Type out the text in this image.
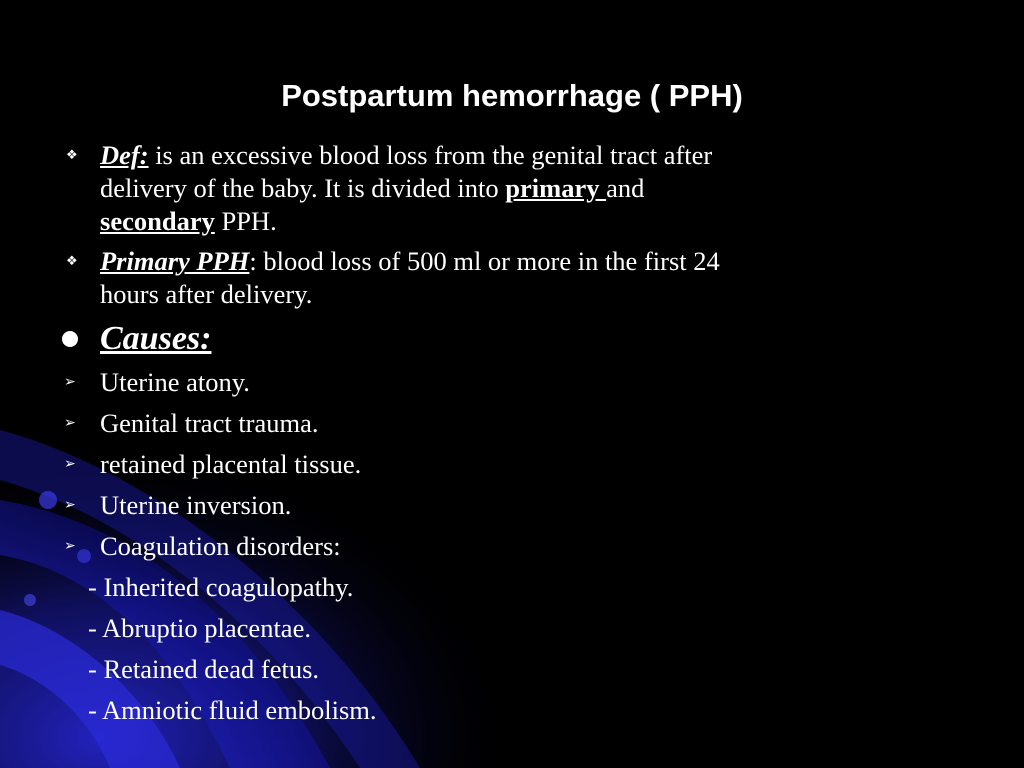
Postpartum hemorrhage ( PPH)
❖ Def: is an excessive blood loss from the genital tract after
delivery of the baby. It is divided into primary and
secondary PPH.
❖ Primary PPH: blood loss of 500 ml or more in the first 24
hours after delivery.
Causes:
➢ Uterine atony.
➢ Genital tract trauma.
➢ retained placental tissue.
➢ Uterine inversion.
➢ Coagulation disorders:
- Inherited coagulopathy.
- Abruptio placentae.
- Retained dead fetus.
- Amniotic fluid embolism.
